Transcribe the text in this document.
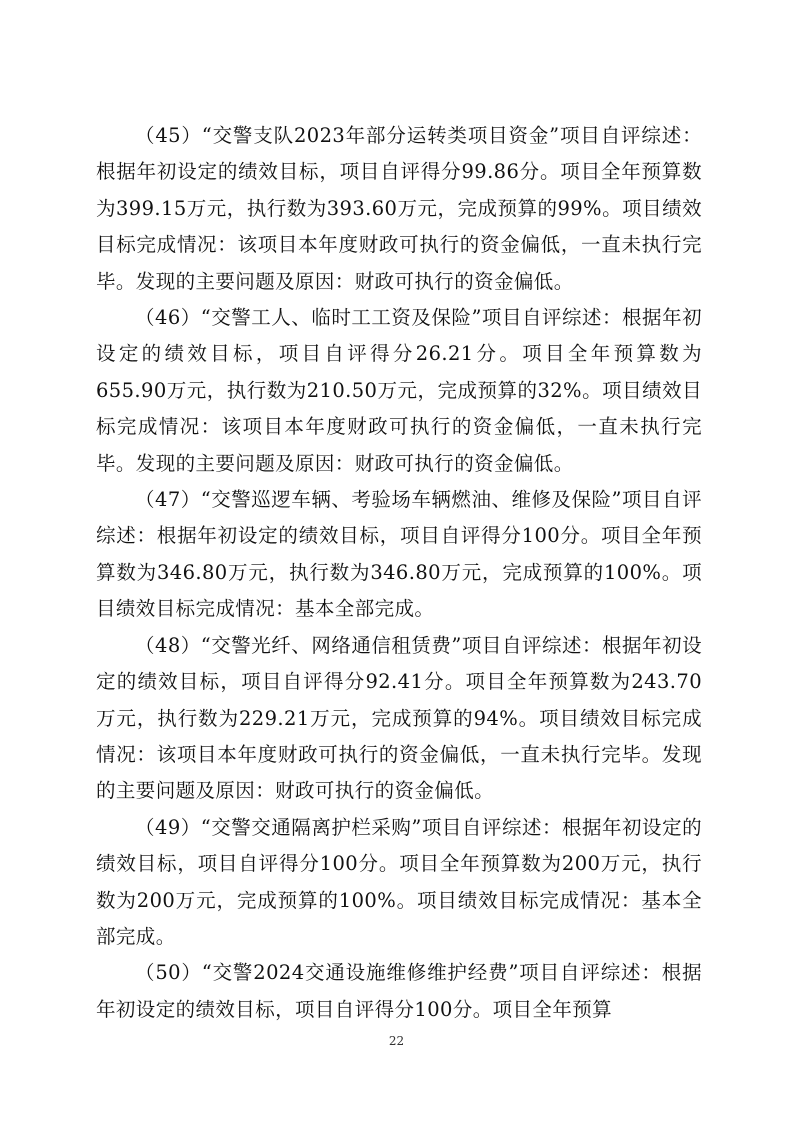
（45）“交警支队2023年部分运转类项目资金”项目自评综述：根据年初设定的绩效目标，项目自评得分99.86分。项目全年预算数为399.15万元，执行数为393.60万元，完成预算的99%。项目绩效目标完成情况：该项目本年度财政可执行的资金偏低，一直未执行完毕。发现的主要问题及原因：财政可执行的资金偏低。

（46）“交警工人、临时工工资及保险”项目自评综述：根据年初设定的绩效目标，项目自评得分26.21分。项目全年预算数为655.90万元，执行数为210.50万元，完成预算的32%。项目绩效目标完成情况：该项目本年度财政可执行的资金偏低，一直未执行完毕。发现的主要问题及原因：财政可执行的资金偏低。

（47）“交警巡逻车辆、考验场车辆燃油、维修及保险”项目自评综述：根据年初设定的绩效目标，项目自评得分100分。项目全年预算数为346.80万元，执行数为346.80万元，完成预算的100%。项目绩效目标完成情况：基本全部完成。

（48）“交警光纤、网络通信租赁费”项目自评综述：根据年初设定的绩效目标，项目自评得分92.41分。项目全年预算数为243.70万元，执行数为229.21万元，完成预算的94%。项目绩效目标完成情况：该项目本年度财政可执行的资金偏低，一直未执行完毕。发现的主要问题及原因：财政可执行的资金偏低。

（49）“交警交通隔离护栏采购”项目自评综述：根据年初设定的绩效目标，项目自评得分100分。项目全年预算数为200万元，执行数为200万元，完成预算的100%。项目绩效目标完成情况：基本全部完成。

（50）“交警2024交通设施维修维护经费”项目自评综述：根据年初设定的绩效目标，项目自评得分100分。项目全年预算

22
